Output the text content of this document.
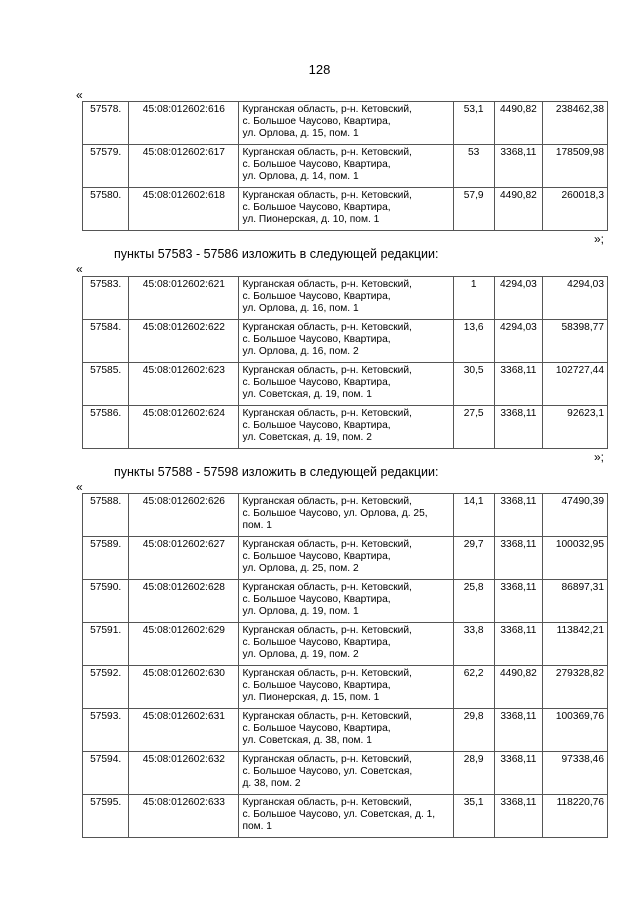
128
«
57578.	45:08:012602:616	Курганская область, р-н. Кетовский,
с. Большое Чаусово, Квартира,
ул. Орлова, д. 15, пом. 1	53,1	4490,82	238462,38
57579.	45:08:012602:617	Курганская область, р-н. Кетовский,
с. Большое Чаусово, Квартира,
ул. Орлова, д. 14, пом. 1	53	3368,11	178509,98
57580.	45:08:012602:618	Курганская область, р-н. Кетовский,
с. Большое Чаусово, Квартира,
ул. Пионерская, д. 10, пом. 1	57,9	4490,82	260018,3
»;
пункты 57583 - 57586 изложить в следующей редакции:
«
57583.	45:08:012602:621	Курганская область, р-н. Кетовский,
с. Большое Чаусово, Квартира,
ул. Орлова, д. 16, пом. 1	1	4294,03	4294,03
57584.	45:08:012602:622	Курганская область, р-н. Кетовский,
с. Большое Чаусово, Квартира,
ул. Орлова, д. 16, пом. 2	13,6	4294,03	58398,77
57585.	45:08:012602:623	Курганская область, р-н. Кетовский,
с. Большое Чаусово, Квартира,
ул. Советская, д. 19, пом. 1	30,5	3368,11	102727,44
57586.	45:08:012602:624	Курганская область, р-н. Кетовский,
с. Большое Чаусово, Квартира,
ул. Советская, д. 19, пом. 2	27,5	3368,11	92623,1
»;
пункты 57588 - 57598 изложить в следующей редакции:
«
57588.	45:08:012602:626	Курганская область, р-н. Кетовский,
с. Большое Чаусово, ул. Орлова, д. 25,
пом. 1	14,1	3368,11	47490,39
57589.	45:08:012602:627	Курганская область, р-н. Кетовский,
с. Большое Чаусово, Квартира,
ул. Орлова, д. 25, пом. 2	29,7	3368,11	100032,95
57590.	45:08:012602:628	Курганская область, р-н. Кетовский,
с. Большое Чаусово, Квартира,
ул. Орлова, д. 19, пом. 1	25,8	3368,11	86897,31
57591.	45:08:012602:629	Курганская область, р-н. Кетовский,
с. Большое Чаусово, Квартира,
ул. Орлова, д. 19, пом. 2	33,8	3368,11	113842,21
57592.	45:08:012602:630	Курганская область, р-н. Кетовский,
с. Большое Чаусово, Квартира,
ул. Пионерская, д. 15, пом. 1	62,2	4490,82	279328,82
57593.	45:08:012602:631	Курганская область, р-н. Кетовский,
с. Большое Чаусово, Квартира,
ул. Советская, д. 38, пом. 1	29,8	3368,11	100369,76
57594.	45:08:012602:632	Курганская область, р-н. Кетовский,
с. Большое Чаусово, ул. Советская,
д. 38, пом. 2	28,9	3368,11	97338,46
57595.	45:08:012602:633	Курганская область, р-н. Кетовский,
с. Большое Чаусово, ул. Советская, д. 1,
пом. 1	35,1	3368,11	118220,76
